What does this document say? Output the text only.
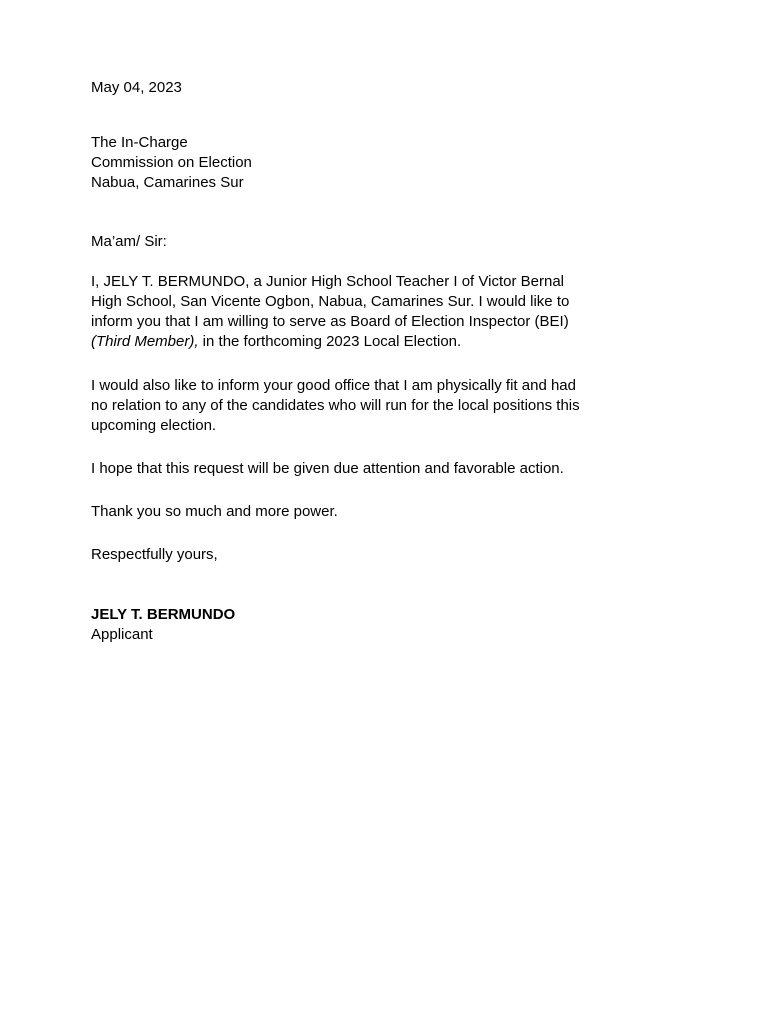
May 04, 2023
The In-Charge
Commission on Election
Nabua, Camarines Sur
Ma’am/ Sir:
I, JELY T. BERMUNDO, a Junior High School Teacher I of Victor Bernal
High School, San Vicente Ogbon, Nabua, Camarines Sur. I would like to
inform you that I am willing to serve as Board of Election Inspector (BEI)
(Third Member), in the forthcoming 2023 Local Election.
I would also like to inform your good office that I am physically fit and had
no relation to any of the candidates who will run for the local positions this
upcoming election.
I hope that this request will be given due attention and favorable action.
Thank you so much and more power.
Respectfully yours,
JELY T. BERMUNDO
Applicant
